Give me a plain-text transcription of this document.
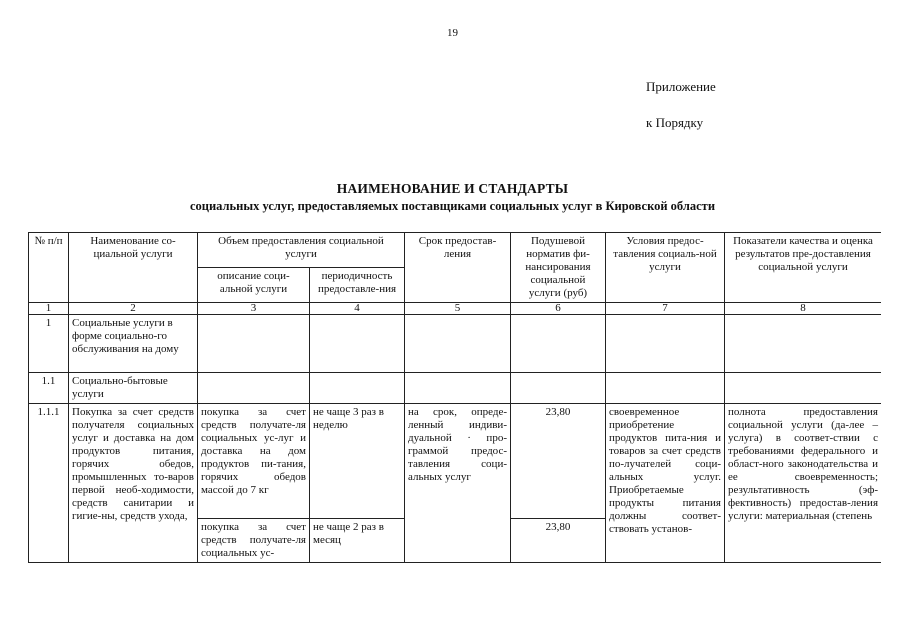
19
Приложение
к Порядку
НАИМЕНОВАНИЕ И СТАНДАРТЫ
социальных услуг, предоставляемых поставщиками социальных услуг в Кировской области
№ п/п	Наименование со-циальной услуги	Объем предоставления социальной услуги		Срок предостав-ления	Подушевой норматив фи-нансирования социальной услуги (руб)	Условия предос-тавления социаль-ной услуги	Показатели качества и оценка результатов пре-доставления социальной услуги
		описание соци-альной услуги	периодичность предоставле-ния				
1	2	3	4	5	6	7	8
1	Социальные услуги в форме социально-го обслуживания на дому						
1.1	Социально-бытовые услуги						
1.1.1	Покупка за счет средств получателя социальных услуг и доставка на дом продуктов питания, горячих обедов, промышленных то-варов первой необ-ходимости, средств санитарии и гигие-ны, средств ухода,	покупка за счет средств получате-ля социальных ус-луг и доставка на дом продуктов пи-тания, горячих обедов массой до 7 кг	не чаще 3 раз в неделю	на срок, опреде-ленный индиви-дуальной · про-граммой предос-тавления соци-альных услуг	23,80	своевременное приобретение продуктов пита-ния и товаров за счет средств по-лучателей соци-альных услуг. Приобретаемые продукты питания должны соответ-ствовать установ-	полнота предоставления социальной услуги (да-лее – услуга) в соответ-ствии с требованиями федерального и област-ного законодательства и ее своевременность; результативность (эф-фективность) предостав-ления услуги: материальная (степень
		покупка за счет средств получате-ля социальных ус-	не чаще 2 раз в месяц		23,80		
